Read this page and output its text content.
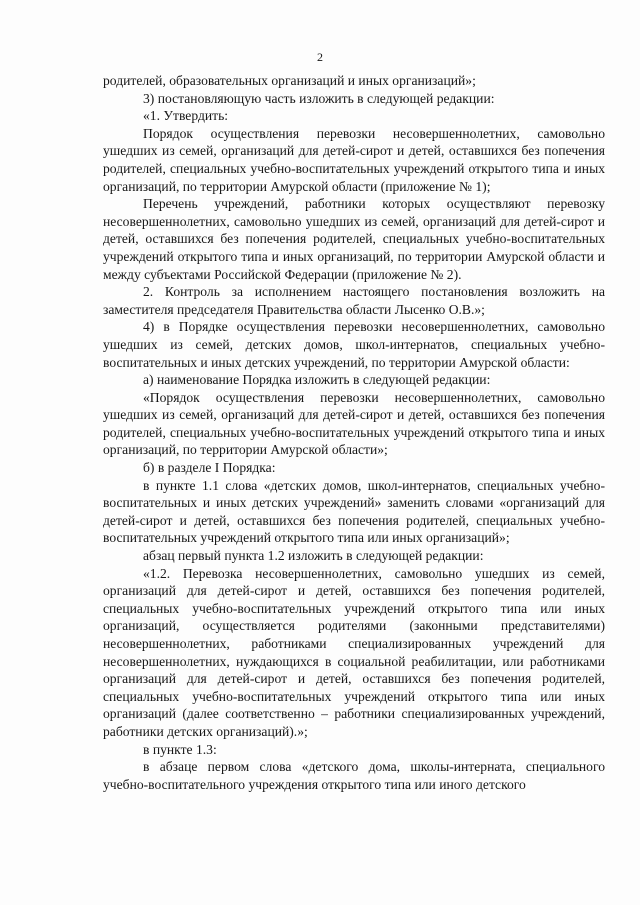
2

родителей, образовательных организаций и иных организаций»;

3) постановляющую часть изложить в следующей редакции:

«1. Утвердить:

Порядок осуществления перевозки несовершеннолетних, самовольно ушедших из семей, организаций для детей-сирот и детей, оставшихся без попечения родителей, специальных учебно-воспитательных учреждений открытого типа и иных организаций, по территории Амурской области (приложение № 1);

Перечень учреждений, работники которых осуществляют перевозку несовершеннолетних, самовольно ушедших из семей, организаций для детей-сирот и детей, оставшихся без попечения родителей, специальных учебно-воспитательных учреждений открытого типа и иных организаций, по территории Амурской области и между субъектами Российской Федерации (приложение № 2).

2. Контроль за исполнением настоящего постановления возложить на заместителя председателя Правительства области Лысенко О.В.»;

4) в Порядке осуществления перевозки несовершеннолетних, самовольно ушедших из семей, детских домов, школ-интернатов, специальных учебно-воспитательных и иных детских учреждений, по территории Амурской области:

а) наименование Порядка изложить в следующей редакции:

«Порядок осуществления перевозки несовершеннолетних, самовольно ушедших из семей, организаций для детей-сирот и детей, оставшихся без попечения родителей, специальных учебно-воспитательных учреждений открытого типа и иных организаций, по территории Амурской области»;

б) в разделе I Порядка:

в пункте 1.1 слова «детских домов, школ-интернатов, специальных учебно-воспитательных и иных детских учреждений» заменить словами «организаций для детей-сирот и детей, оставшихся без попечения родителей, специальных учебно-воспитательных учреждений открытого типа или иных организаций»;

абзац первый пункта 1.2 изложить в следующей редакции:

«1.2. Перевозка несовершеннолетних, самовольно ушедших из семей, организаций для детей-сирот и детей, оставшихся без попечения родителей, специальных учебно-воспитательных учреждений открытого типа или иных организаций, осуществляется родителями (законными представителями) несовершеннолетних, работниками специализированных учреждений для несовершеннолетних, нуждающихся в социальной реабилитации, или работниками организаций для детей-сирот и детей, оставшихся без попечения родителей, специальных учебно-воспитательных учреждений открытого типа или иных организаций (далее соответственно – работники специализированных учреждений, работники детских организаций).»;

в пункте 1.3:

в абзаце первом слова «детского дома, школы-интерната, специального учебно-воспитательного учреждения открытого типа или иного детского
